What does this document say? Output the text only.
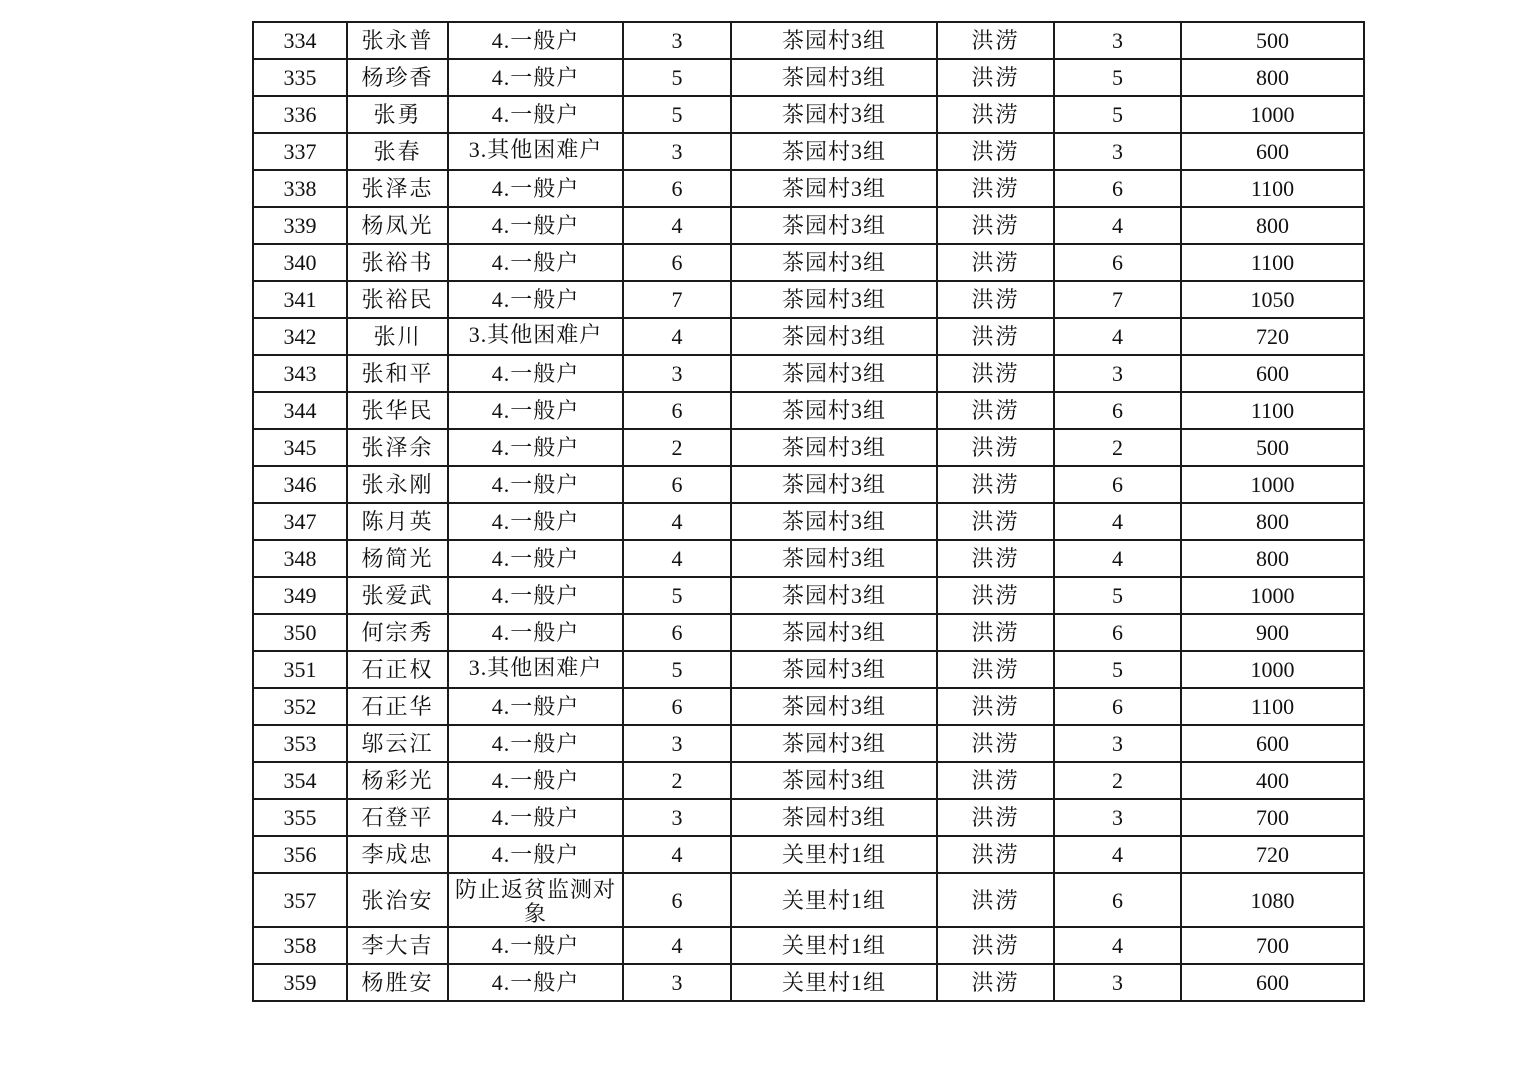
334	张永普	4.一般户	3	茶园村3组	洪涝	3	500
335	杨珍香	4.一般户	5	茶园村3组	洪涝	5	800
336	张勇	4.一般户	5	茶园村3组	洪涝	5	1000
337	张春	3.其他困难户	3	茶园村3组	洪涝	3	600
338	张泽志	4.一般户	6	茶园村3组	洪涝	6	1100
339	杨凤光	4.一般户	4	茶园村3组	洪涝	4	800
340	张裕书	4.一般户	6	茶园村3组	洪涝	6	1100
341	张裕民	4.一般户	7	茶园村3组	洪涝	7	1050
342	张川	3.其他困难户	4	茶园村3组	洪涝	4	720
343	张和平	4.一般户	3	茶园村3组	洪涝	3	600
344	张华民	4.一般户	6	茶园村3组	洪涝	6	1100
345	张泽余	4.一般户	2	茶园村3组	洪涝	2	500
346	张永刚	4.一般户	6	茶园村3组	洪涝	6	1000
347	陈月英	4.一般户	4	茶园村3组	洪涝	4	800
348	杨简光	4.一般户	4	茶园村3组	洪涝	4	800
349	张爱武	4.一般户	5	茶园村3组	洪涝	5	1000
350	何宗秀	4.一般户	6	茶园村3组	洪涝	6	900
351	石正权	3.其他困难户	5	茶园村3组	洪涝	5	1000
352	石正华	4.一般户	6	茶园村3组	洪涝	6	1100
353	邬云江	4.一般户	3	茶园村3组	洪涝	3	600
354	杨彩光	4.一般户	2	茶园村3组	洪涝	2	400
355	石登平	4.一般户	3	茶园村3组	洪涝	3	700
356	李成忠	4.一般户	4	关里村1组	洪涝	4	720
357	张治安	防止返贫监测对象	6	关里村1组	洪涝	6	1080
358	李大吉	4.一般户	4	关里村1组	洪涝	4	700
359	杨胜安	4.一般户	3	关里村1组	洪涝	3	600
